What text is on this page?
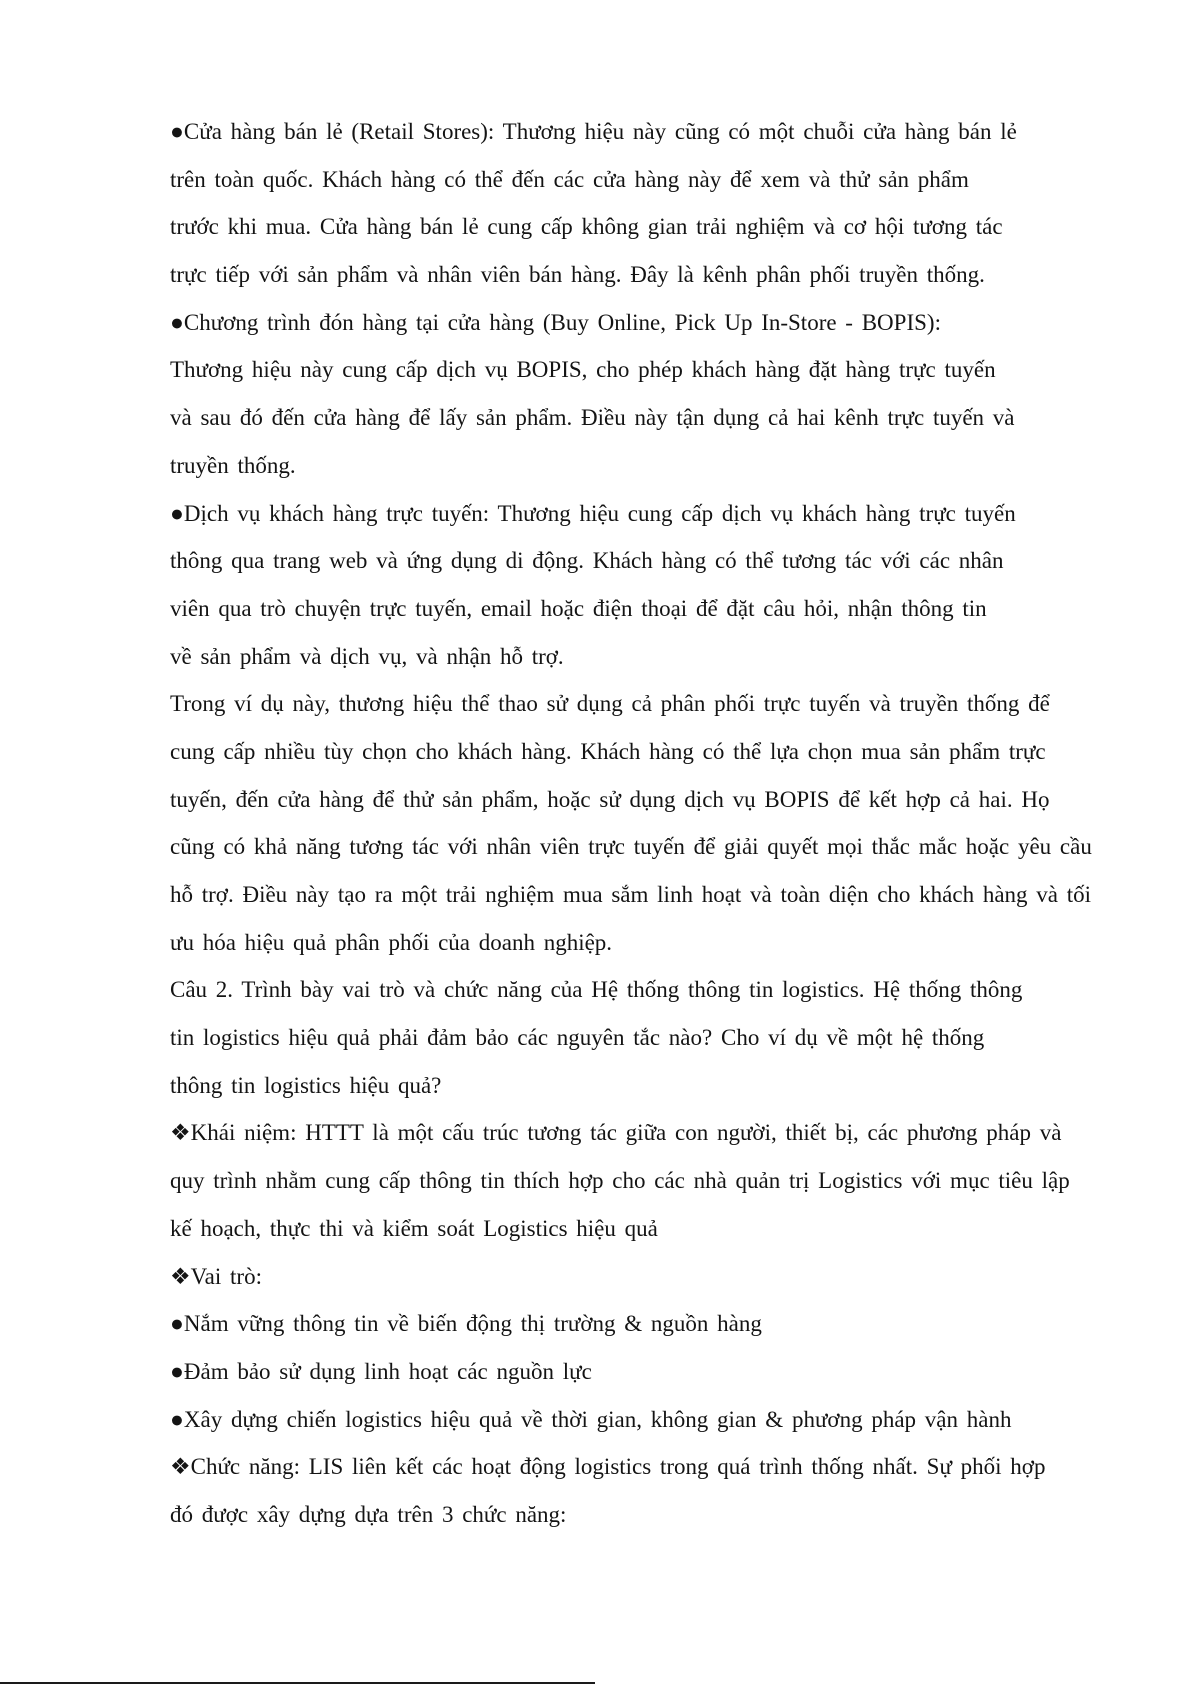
●Cửa hàng bán lẻ (Retail Stores): Thương hiệu này cũng có một chuỗi cửa hàng bán lẻ
trên toàn quốc. Khách hàng có thể đến các cửa hàng này để xem và thử sản phẩm
trước khi mua. Cửa hàng bán lẻ cung cấp không gian trải nghiệm và cơ hội tương tác
trực tiếp với sản phẩm và nhân viên bán hàng. Đây là kênh phân phối truyền thống.
●Chương trình đón hàng tại cửa hàng (Buy Online, Pick Up In-Store - BOPIS):
Thương hiệu này cung cấp dịch vụ BOPIS, cho phép khách hàng đặt hàng trực tuyến
và sau đó đến cửa hàng để lấy sản phẩm. Điều này tận dụng cả hai kênh trực tuyến và
truyền thống.
●Dịch vụ khách hàng trực tuyến: Thương hiệu cung cấp dịch vụ khách hàng trực tuyến
thông qua trang web và ứng dụng di động. Khách hàng có thể tương tác với các nhân
viên qua trò chuyện trực tuyến, email hoặc điện thoại để đặt câu hỏi, nhận thông tin
về sản phẩm và dịch vụ, và nhận hỗ trợ.
Trong ví dụ này, thương hiệu thể thao sử dụng cả phân phối trực tuyến và truyền thống để
cung cấp nhiều tùy chọn cho khách hàng. Khách hàng có thể lựa chọn mua sản phẩm trực
tuyến, đến cửa hàng để thử sản phẩm, hoặc sử dụng dịch vụ BOPIS để kết hợp cả hai. Họ
cũng có khả năng tương tác với nhân viên trực tuyến để giải quyết mọi thắc mắc hoặc yêu cầu
hỗ trợ. Điều này tạo ra một trải nghiệm mua sắm linh hoạt và toàn diện cho khách hàng và tối
ưu hóa hiệu quả phân phối của doanh nghiệp.
Câu 2. Trình bày vai trò và chức năng của Hệ thống thông tin logistics. Hệ thống thông
tin logistics hiệu quả phải đảm bảo các nguyên tắc nào? Cho ví dụ về một hệ thống
thông tin logistics hiệu quả?
❖Khái niệm: HTTT là một cấu trúc tương tác giữa con người, thiết bị, các phương pháp và
quy trình nhằm cung cấp thông tin thích hợp cho các nhà quản trị Logistics với mục tiêu lập
kế hoạch, thực thi và kiểm soát Logistics hiệu quả
❖Vai trò:
●Nắm vững thông tin về biến động thị trường & nguồn hàng
●Đảm bảo sử dụng linh hoạt các nguồn lực
●Xây dựng chiến logistics hiệu quả về thời gian, không gian & phương pháp vận hành
❖Chức năng: LIS liên kết các hoạt động logistics trong quá trình thống nhất. Sự phối hợp
đó được xây dựng dựa trên 3 chức năng:
